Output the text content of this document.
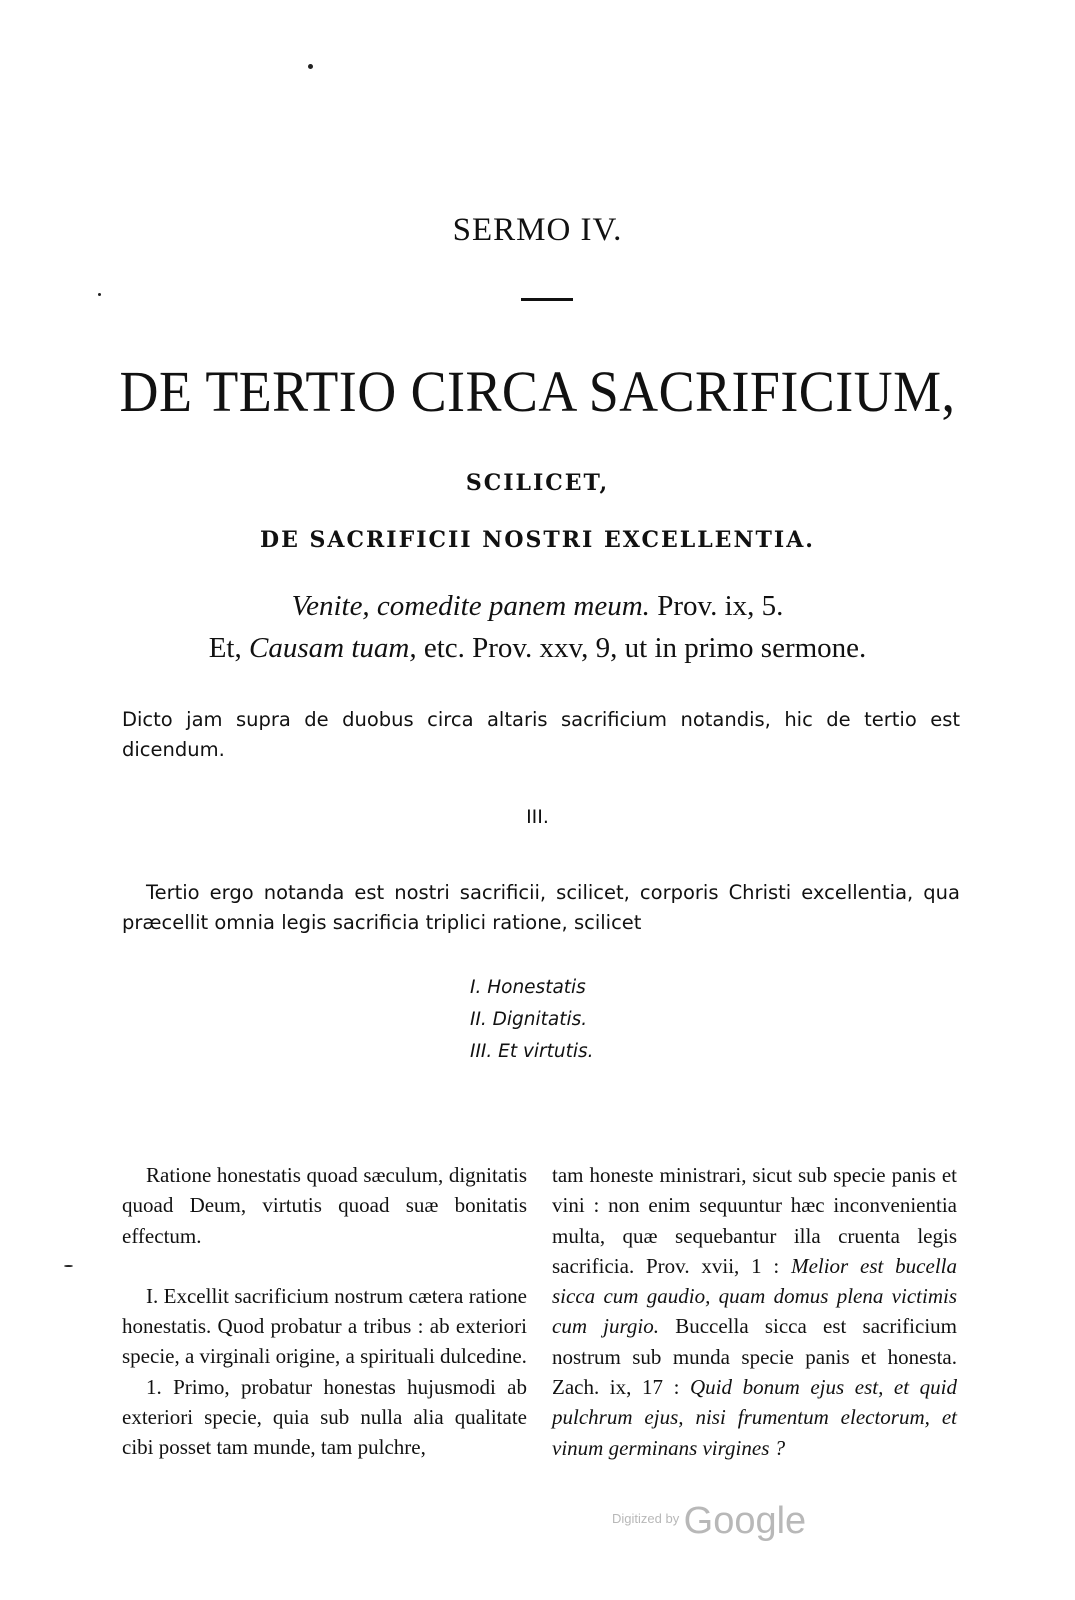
SERMO IV.
DE TERTIO CIRCA SACRIFICIUM,
SCILICET,
DE SACRIFICII NOSTRI EXCELLENTIA.
Venite, comedite panem meum. Prov. ix, 5.
Et, Causam tuam, etc. Prov. xxv, 9, ut in primo sermone.
Dicto jam supra de duobus circa altaris sacrificium notandis, hic de tertio est dicendum.
III.
Tertio ergo notanda est nostri sacrificii, scilicet, corporis Christi excellentia, qua præcellit omnia legis sacrificia triplici ratione, scilicet
I. Honestatis
II. Dignitatis.
III. Et virtutis.

Ratione honestatis quoad sæculum, dignitatis quoad Deum, virtutis quoad suæ bonitatis effectum.

I. Excellit sacrificium nostrum cætera ratione honestatis. Quod probatur a tribus : ab exteriori specie, a virginali origine, a spirituali dulcedine.

1. Primo, probatur honestas hujusmodi ab exteriori specie, quia sub nulla alia qualitate cibi posset tam munde, tam pulchre,

tam honeste ministrari, sicut sub specie panis et vini : non enim sequuntur hæc inconvenientia multa, quæ sequebantur illa cruenta legis sacrificia. Prov. xvii, 1 : Melior est bucella sicca cum gaudio, quam domus plena victimis cum jurgio. Buccella sicca est sacrificium nostrum sub munda specie panis et honesta. Zach. ix, 17 : Quid bonum ejus est, et quid pulchrum ejus, nisi frumentum electorum, et vinum germinans virgines ?

$^{Digitized by}$ Google
